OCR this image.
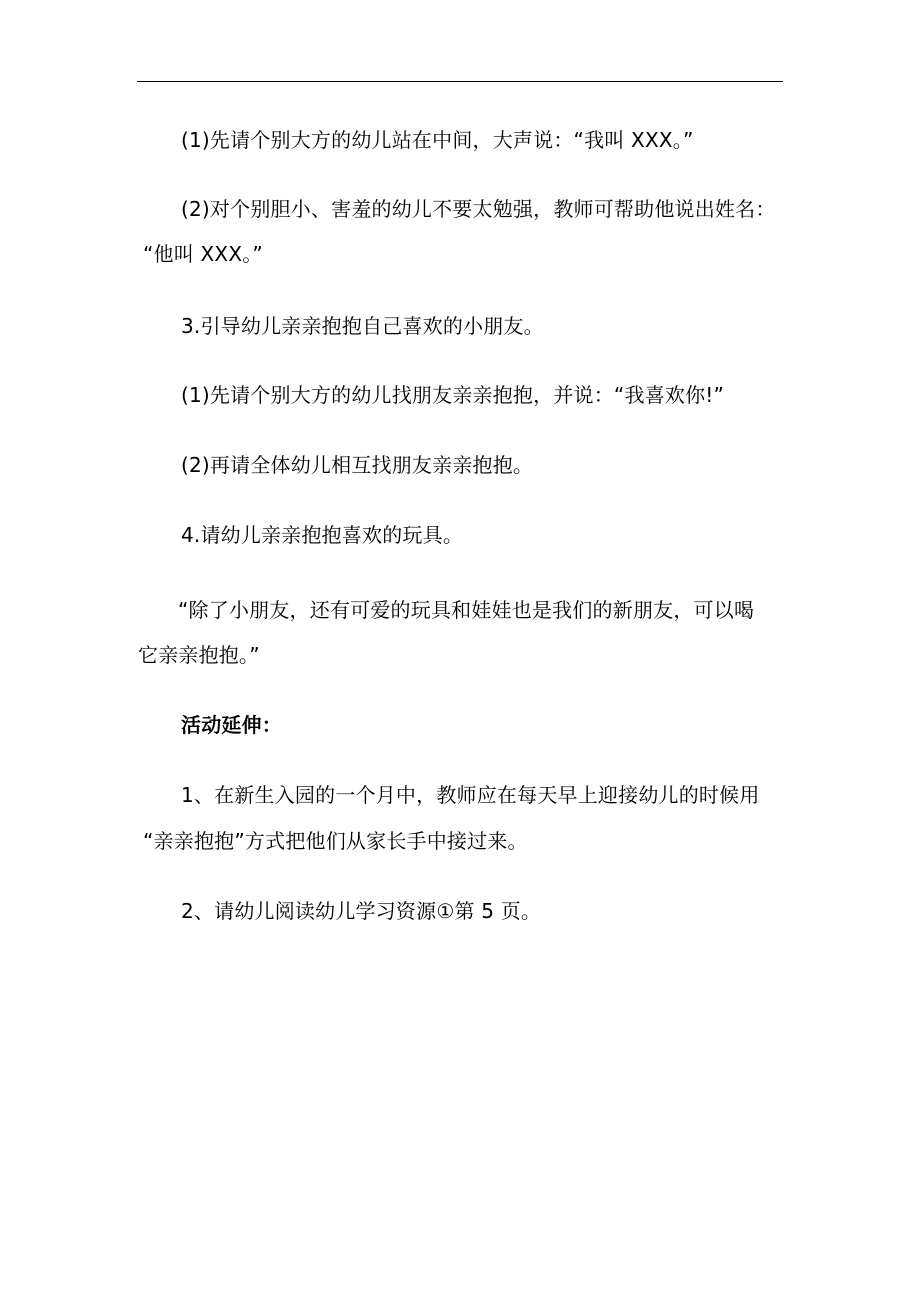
(1)先请个别大方的幼儿站在中间，大声说：“我叫 XXX。”
(2)对个别胆小、害羞的幼儿不要太勉强，教师可帮助他说出姓名：
“他叫 XXX。”
3.引导幼儿亲亲抱抱自己喜欢的小朋友。
(1)先请个别大方的幼儿找朋友亲亲抱抱，并说：“我喜欢你!”
(2)再请全体幼儿相互找朋友亲亲抱抱。
4.请幼儿亲亲抱抱喜欢的玩具。
“除了小朋友，还有可爱的玩具和娃娃也是我们的新朋友，可以喝
它亲亲抱抱。”
活动延伸：
1、在新生入园的一个月中，教师应在每天早上迎接幼儿的时候用
“亲亲抱抱”方式把他们从家长手中接过来。
2、请幼儿阅读幼儿学习资源①第 5 页。
